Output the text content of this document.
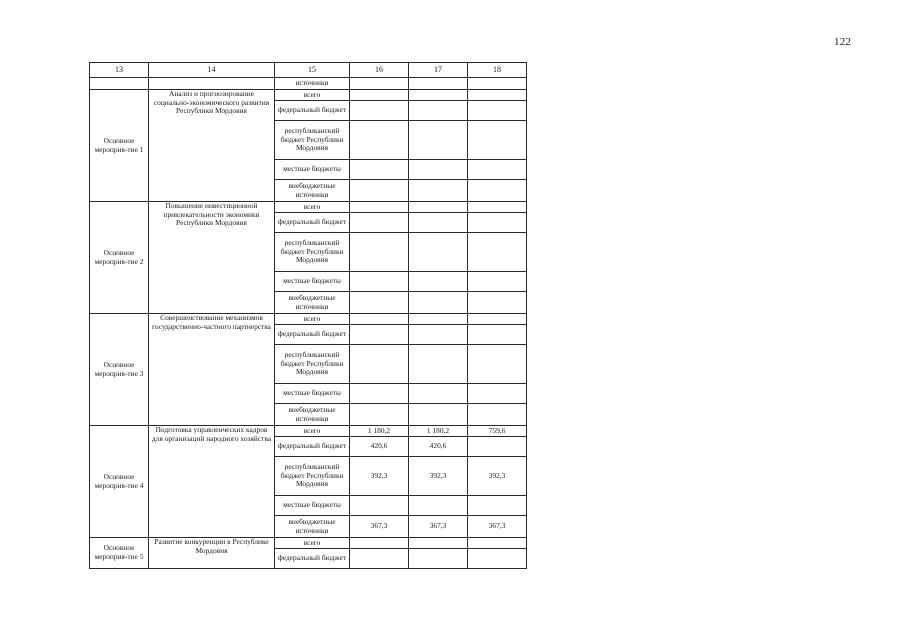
122
13	14	15	16	17	18
		источники			
Основное мероприя-тие 1	Анализ и прогнозирование социально-экономического развития Республики Мордовия	всего			
		федеральный бюджет			
		республиканский бюджет Республики Мордовия			
		местные бюджеты			
		внебюджетные источники			
Основное мероприя-тие 2	Повышение инвестиционной привлекательности экономики Республики Мордовия	всего			
		федеральный бюджет			
		республиканский бюджет Республики Мордовия			
		местные бюджеты			
		внебюджетные источники			
Основное мероприя-тие 3	Совершенствование механизмов государственно-частного партнерства	всего			
		федеральный бюджет			
		республиканский бюджет Республики Мордовия			
		местные бюджеты			
		внебюджетные источники			
Основное мероприя-тие 4	Подготовка управленческих кадров для организаций народного хозяйства	всего	1 180,2	1 180,2	759,6
		федеральный бюджет	420,6	420,6	
		республиканский бюджет Республики Мордовия	392,3	392,3	392,3
		местные бюджеты			
		внебюджетные источники	367,3	367,3	367,3
Основное мероприя-тие 5	Развитие конкуренции в Республике Мордовия	всего			
		федеральный бюджет			
